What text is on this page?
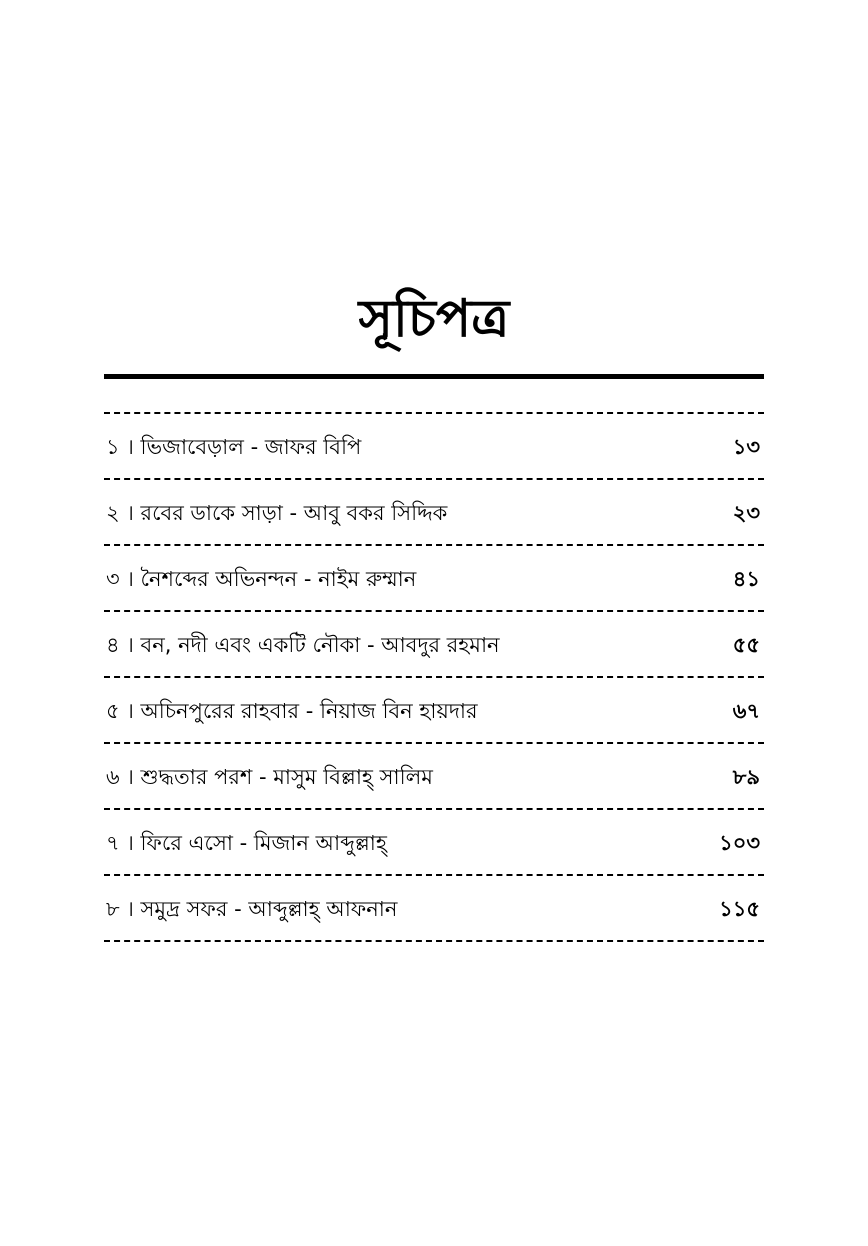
সূচিপত্র
১ । ভিজাবেড়াল - জাফর বিপি	১৩
২ । রবের ডাকে সাড়া - আবু বকর সিদ্দিক	২৩
৩ । নৈশব্দের অভিনন্দন - নাইম রুম্মান	৪১
৪ । বন, নদী এবং একটি নৌকা - আবদুর রহমান	৫৫
৫ । অচিনপুরের রাহবার - নিয়াজ বিন হায়দার	৬৭
৬ । শুদ্ধতার পরশ - মাসুম বিল্লাহ্ সালিম	৮৯
৭ । ফিরে এসো - মিজান আব্দুল্লাহ্	১০৩
৮ । সমুদ্র সফর - আব্দুল্লাহ্ আফনান	১১৫
